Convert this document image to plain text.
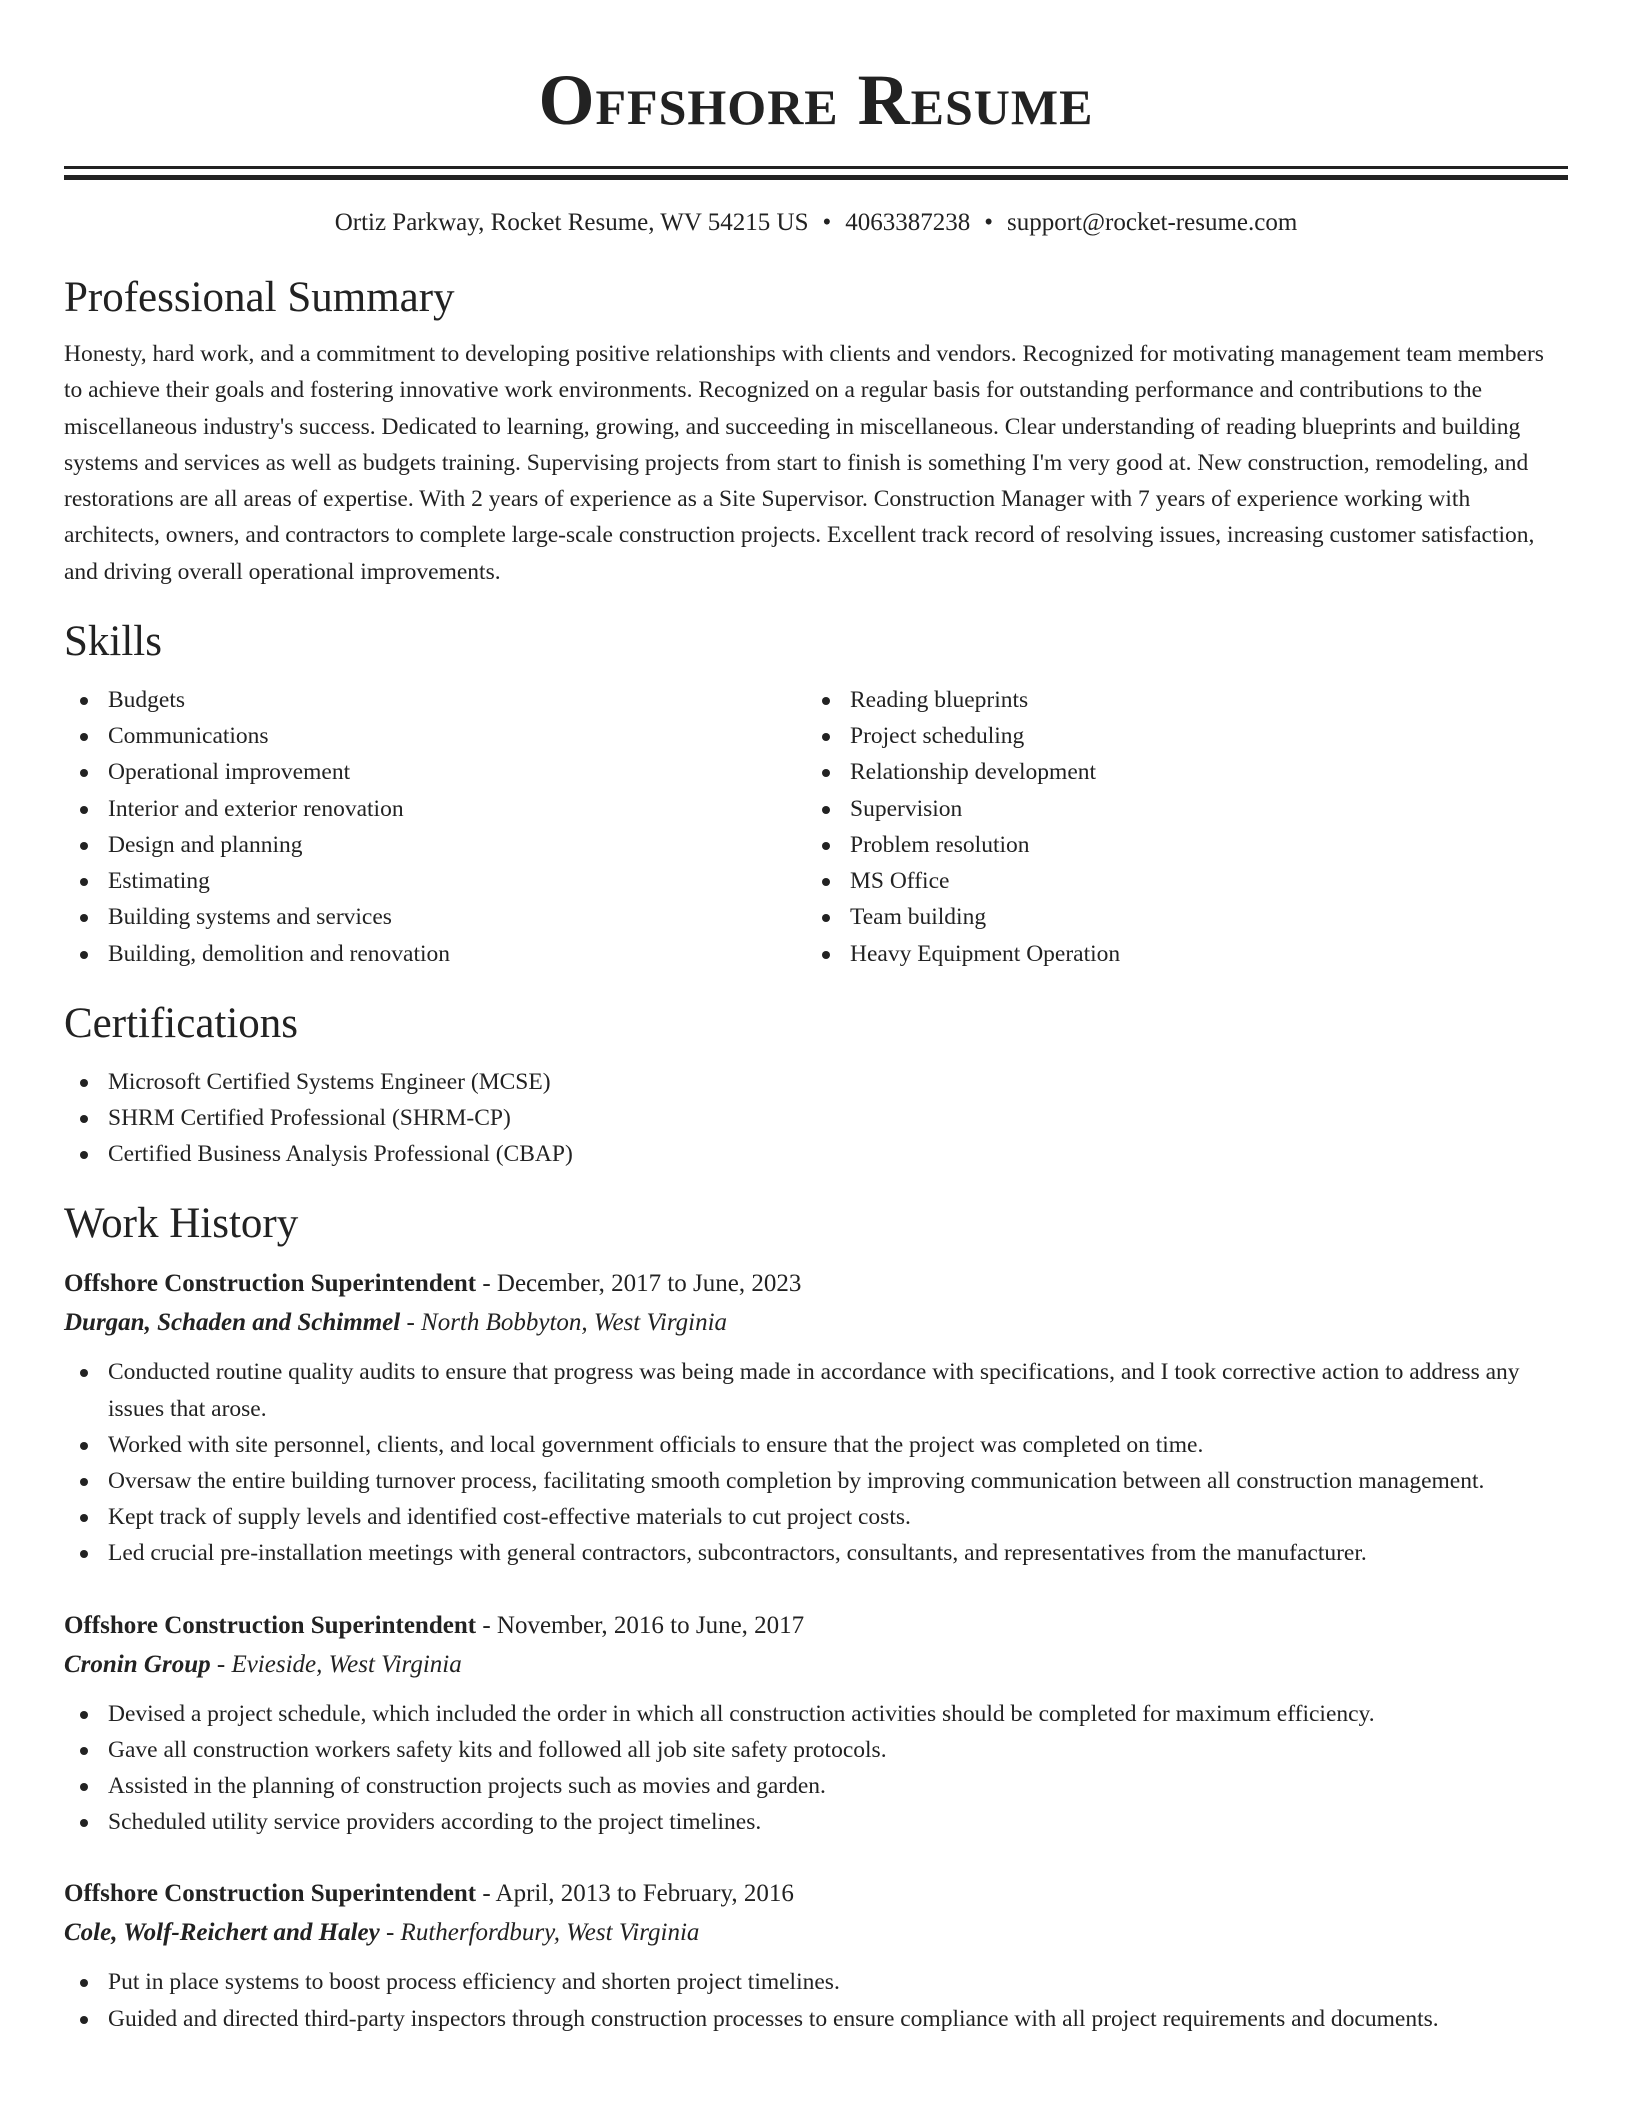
Offshore Resume
Ortiz Parkway, Rocket Resume, WV 54215 US • 4063387238 • support@rocket-resume.com
Professional Summary

Honesty, hard work, and a commitment to developing positive relationships with clients and vendors. Recognized for motivating management team members to achieve their goals and fostering innovative work environments. Recognized on a regular basis for outstanding performance and contributions to the miscellaneous industry's success. Dedicated to learning, growing, and succeeding in miscellaneous. Clear understanding of reading blueprints and building systems and services as well as budgets training. Supervising projects from start to finish is something I'm very good at. New construction, remodeling, and restorations are all areas of expertise. With 2 years of experience as a Site Supervisor. Construction Manager with 7 years of experience working with architects, owners, and contractors to complete large-scale construction projects. Excellent track record of resolving issues, increasing customer satisfaction, and driving overall operational improvements.

Skills
Budgets
Communications
Operational improvement
Interior and exterior renovation
Design and planning
Estimating
Building systems and services
Building, demolition and renovation
Reading blueprints
Project scheduling
Relationship development
Supervision
Problem resolution
MS Office
Team building
Heavy Equipment Operation
Certifications
Microsoft Certified Systems Engineer (MCSE)
SHRM Certified Professional (SHRM-CP)
Certified Business Analysis Professional (CBAP)
Work History
Offshore Construction Superintendent - December, 2017 to June, 2023
Durgan, Schaden and Schimmel - North Bobbyton, West Virginia
Conducted routine quality audits to ensure that progress was being made in accordance with specifications, and I took corrective action to address any issues that arose.
Worked with site personnel, clients, and local government officials to ensure that the project was completed on time.
Oversaw the entire building turnover process, facilitating smooth completion by improving communication between all construction management.
Kept track of supply levels and identified cost-effective materials to cut project costs.
Led crucial pre-installation meetings with general contractors, subcontractors, consultants, and representatives from the manufacturer.
Offshore Construction Superintendent - November, 2016 to June, 2017
Cronin Group - Evieside, West Virginia
Devised a project schedule, which included the order in which all construction activities should be completed for maximum efficiency.
Gave all construction workers safety kits and followed all job site safety protocols.
Assisted in the planning of construction projects such as movies and garden.
Scheduled utility service providers according to the project timelines.
Offshore Construction Superintendent - April, 2013 to February, 2016
Cole, Wolf-Reichert and Haley - Rutherfordbury, West Virginia
Put in place systems to boost process efficiency and shorten project timelines.
Guided and directed third-party inspectors through construction processes to ensure compliance with all project requirements and documents.
